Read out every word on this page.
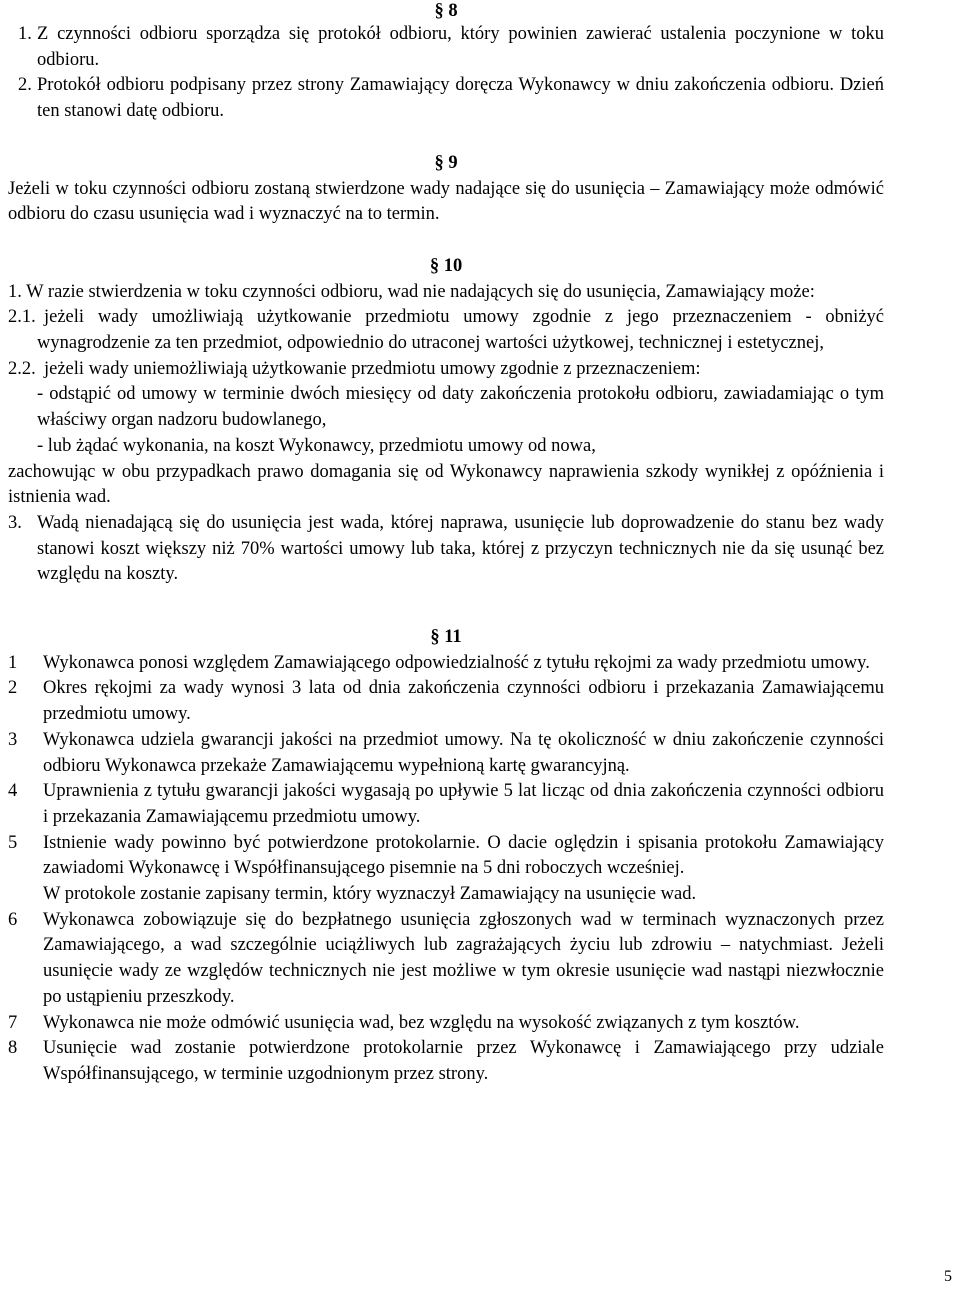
§ 8
1. Z czynności odbioru sporządza się protokół odbioru, który powinien zawierać ustalenia poczynione w toku odbioru.
2. Protokół odbioru podpisany przez strony Zamawiający doręcza Wykonawcy w dniu zakończenia odbioru. Dzień ten stanowi datę odbioru.
§ 9
Jeżeli w toku czynności odbioru zostaną stwierdzone wady nadające się do usunięcia – Zamawiający może odmówić odbioru do czasu usunięcia wad i wyznaczyć na to termin.
§ 10
1. W razie stwierdzenia w toku czynności odbioru, wad nie nadających się do usunięcia, Zamawiający może:
2.1. jeżeli wady umożliwiają użytkowanie przedmiotu umowy zgodnie z jego przeznaczeniem - obniżyć wynagrodzenie za ten przedmiot, odpowiednio do utraconej wartości użytkowej, technicznej i estetycznej,
2.2. jeżeli wady uniemożliwiają użytkowanie przedmiotu umowy zgodnie z przeznaczeniem:
- odstąpić od umowy w terminie dwóch miesięcy od daty zakończenia protokołu odbioru, zawiadamiając o tym właściwy organ nadzoru budowlanego,
- lub żądać wykonania, na koszt Wykonawcy, przedmiotu umowy od nowa,
zachowując w obu przypadkach prawo domagania się od Wykonawcy naprawienia szkody wynikłej z opóźnienia i istnienia wad.
3. Wadą nienadającą się do usunięcia jest wada, której naprawa, usunięcie lub doprowadzenie do stanu bez wady stanowi koszt większy niż 70% wartości umowy lub taka, której z przyczyn technicznych nie da się usunąć bez względu na koszty.
§ 11
1 Wykonawca ponosi względem Zamawiającego odpowiedzialność z tytułu rękojmi za wady przedmiotu umowy.
2 Okres rękojmi za wady wynosi 3 lata od dnia zakończenia czynności odbioru i przekazania Zamawiającemu przedmiotu umowy.
3 Wykonawca udziela gwarancji jakości na przedmiot umowy. Na tę okoliczność w dniu zakończenie czynności odbioru Wykonawca przekaże Zamawiającemu wypełnioną kartę gwarancyjną.
4 Uprawnienia z tytułu gwarancji jakości wygasają po upływie 5 lat licząc od dnia zakończenia czynności odbioru i przekazania Zamawiającemu przedmiotu umowy.
5 Istnienie wady powinno być potwierdzone protokolarnie. O dacie oględzin i spisania protokołu Zamawiający zawiadomi Wykonawcę i Współfinansującego pisemnie na 5 dni roboczych wcześniej.
W protokole zostanie zapisany termin, który wyznaczył Zamawiający na usunięcie wad.
6 Wykonawca zobowiązuje się do bezpłatnego usunięcia zgłoszonych wad w terminach wyznaczonych przez Zamawiającego, a wad szczególnie uciążliwych lub zagrażających życiu lub zdrowiu – natychmiast. Jeżeli usunięcie wady ze względów technicznych nie jest możliwe w tym okresie usunięcie wad nastąpi niezwłocznie po ustąpieniu przeszkody.
7 Wykonawca nie może odmówić usunięcia wad, bez względu na wysokość związanych z tym kosztów.
8 Usunięcie wad zostanie potwierdzone protokolarnie przez Wykonawcę i Zamawiającego przy udziale Współfinansującego, w terminie uzgodnionym przez strony.
5
